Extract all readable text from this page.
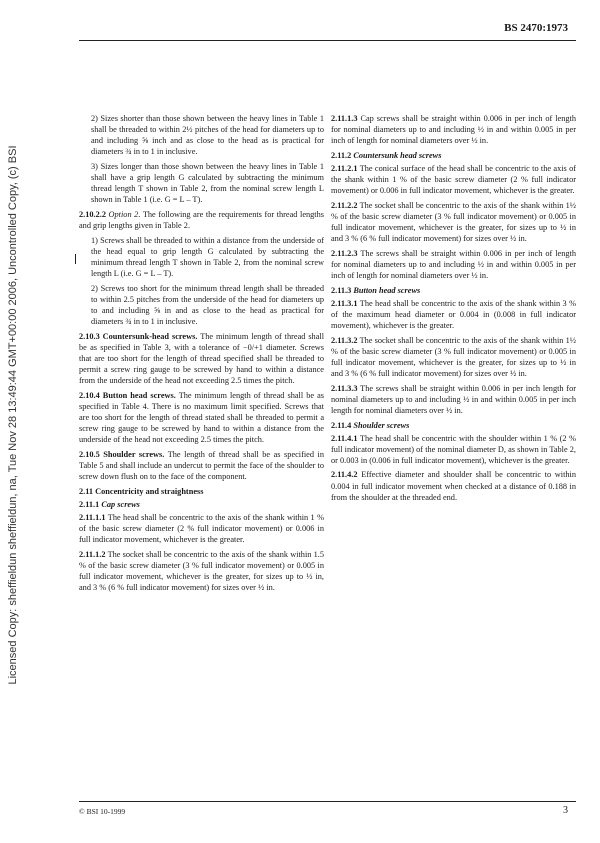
BS 2470:1973
Licensed Copy: sheffieldun sheffieldun, na, Tue Nov 28 13:49:44 GMT+00:00 2006, Uncontrolled Copy, (c) BSI

2) Sizes shorter than those shown between the heavy lines in Table 1 shall be threaded to within 2½ pitches of the head for diameters up to and including ⅝ inch and as close to the head as is practical for diameters ¾ in to 1 in inclusive.

3) Sizes longer than those shown between the heavy lines in Table 1 shall have a grip length G calculated by subtracting the minimum thread length T shown in Table 2, from the nominal screw length L shown in Table 1 (i.e. G = L – T).

2.10.2.2 Option 2. The following are the requirements for thread lengths and grip lengths given in Table 2.

1) Screws shall be threaded to within a distance from the underside of the head equal to grip length G calculated by subtracting the minimum thread length T shown in Table 2, from the nominal screw length L (i.e. G = L – T).

2) Screws too short for the minimum thread length shall be threaded to within 2.5 pitches from the underside of the head for diameters up to and including ⅝ in and as close to the head as practical for diameters ¾ in to 1 in inclusive.

2.10.3 Countersunk-head screws. The minimum length of thread shall be as specified in Table 3, with a tolerance of −0/+1 diameter. Screws that are too short for the length of thread specified shall be threaded to permit a screw ring gauge to be screwed by hand to within a distance from the underside of the head not exceeding 2.5 times the pitch.

2.10.4 Button head screws. The minimum length of thread shall be as specified in Table 4. There is no maximum limit specified. Screws that are too short for the length of thread stated shall be threaded to permit a screw ring gauge to be screwed by hand to within a distance from the underside of the head not exceeding 2.5 times the pitch.

2.10.5 Shoulder screws. The length of thread shall be as specified in Table 5 and shall include an undercut to permit the face of the shoulder to screw down flush on to the face of the component.

2.11 Concentricity and straightness

2.11.1 Cap screws

2.11.1.1 The head shall be concentric to the axis of the shank within 1 % of the basic screw diameter (2 % full indicator movement) or 0.006 in full indicator movement, whichever is the greater.

2.11.1.2 The socket shall be concentric to the axis of the shank within 1.5 % of the basic screw diameter (3 % full indicator movement) or 0.005 in full indicator movement, whichever is the greater, for sizes up to ½ in, and 3 % (6 % full indicator movement) for sizes over ½ in.

2.11.1.3 Cap screws shall be straight within 0.006 in per inch of length for nominal diameters up to and including ½ in and within 0.005 in per inch of length for nominal diameters over ½ in.

2.11.2 Countersunk head screws

2.11.2.1 The conical surface of the head shall be concentric to the axis of the shank within 1 % of the basic screw diameter (2 % full indicator movement) or 0.006 in full indicator movement, whichever is the greater.

2.11.2.2 The socket shall be concentric to the axis of the shank within 1½ % of the basic screw diameter (3 % full indicator movement) or 0.005 in full indicator movement, whichever is the greater, for sizes up to ½ in and 3 % (6 % full indicator movement) for sizes over ½ in.

2.11.2.3 The screws shall be straight within 0.006 in per inch of length for nominal diameters up to and including ½ in and within 0.005 in per inch of length for nominal diameters over ½ in.

2.11.3 Button head screws

2.11.3.1 The head shall be concentric to the axis of the shank within 3 % of the maximum head diameter or 0.004 in (0.008 in full indicator movement), whichever is the greater.

2.11.3.2 The socket shall be concentric to the axis of the shank within 1½ % of the basic screw diameter (3 % full indicator movement) or 0.005 in full indicator movement, whichever is the greater, for sizes up to ½ in and 3 % (6 % full indicator movement) for sizes over ½ in.

2.11.3.3 The screws shall be straight within 0.006 in per inch length for nominal diameters up to and including ½ in and within 0.005 in per inch length for nominal diameters over ½ in.

2.11.4 Shoulder screws

2.11.4.1 The head shall be concentric with the shoulder within 1 % (2 % full indicator movement) of the nominal diameter D, as shown in Table 2, or 0.003 in (0.006 in full indicator movement), whichever is the greater.

2.11.4.2 Effective diameter and shoulder shall be concentric to within 0.004 in full indicator movement when checked at a distance of 0.188 in from the shoulder at the threaded end.

© BSI 10-1999	3
